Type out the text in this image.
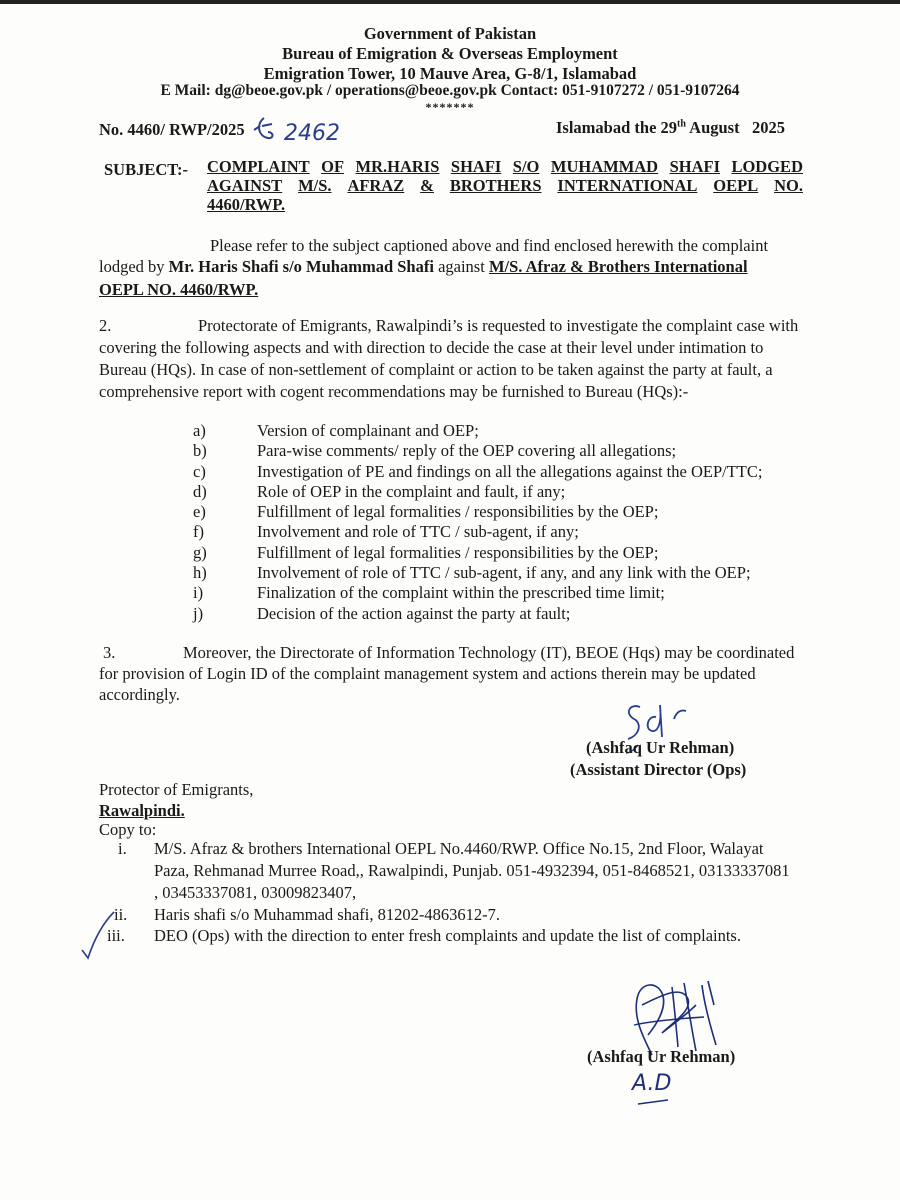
Government of Pakistan
Bureau of Emigration & Overseas Employment
Emigration Tower, 10 Mauve Area, G-8/1, Islamabad
E Mail: dg@beoe.gov.pk / operations@beoe.gov.pk Contact: 051-9107272 / 051-9107264
*******
No. 4460/ RWP/2025 2462	Islamabad the 29th August   2025
SUBJECT:- COMPLAINT OF MR.HARIS SHAFI S/O MUHAMMAD SHAFI LODGED
AGAINST M/S. AFRAZ & BROTHERS INTERNATIONAL OEPL NO.
4460/RWP.
Please refer to the subject captioned above and find enclosed herewith the complaint
lodged by Mr. Haris Shafi s/o Muhammad Shafi against M/S. Afraz & Brothers International
OEPL NO. 4460/RWP.
2.	Protectorate of Emigrants, Rawalpindi’s is requested to investigate the complaint case with
covering the following aspects and with direction to decide the case at their level under intimation to
Bureau (HQs). In case of non-settlement of complaint or action to be taken against the party at fault, a
comprehensive report with cogent recommendations may be furnished to Bureau (HQs):-
a)	Version of complainant and OEP;
b)	Para-wise comments/ reply of the OEP covering all allegations;
c)	Investigation of PE and findings on all the allegations against the OEP/TTC;
d)	Role of OEP in the complaint and fault, if any;
e)	Fulfillment of legal formalities / responsibilities by the OEP;
f)	Involvement and role of TTC / sub-agent, if any;
g)	Fulfillment of legal formalities / responsibilities by the OEP;
h)	Involvement of role of TTC / sub-agent, if any, and any link with the OEP;
i)	Finalization of the complaint within the prescribed time limit;
j)	Decision of the action against the party at fault;
3.	Moreover, the Directorate of Information Technology (IT), BEOE (Hqs) may be coordinated
for provision of Login ID of the complaint management system and actions therein may be updated
accordingly.
(Ashfaq Ur Rehman)
(Assistant Director (Ops)
Protector of Emigrants,
Rawalpindi.
Copy to:
i. M/S. Afraz & brothers International OEPL No.4460/RWP. Office No.15, 2nd Floor, Walayat
Paza, Rehmanad Murree Road,, Rawalpindi, Punjab. 051-4932394, 051-8468521, 03133337081
, 03453337081, 03009823407,
ii. Haris shafi s/o Muhammad shafi, 81202-4863612-7.
iii. DEO (Ops) with the direction to enter fresh complaints and update the list of complaints.
(Ashfaq Ur Rehman)
A.D
